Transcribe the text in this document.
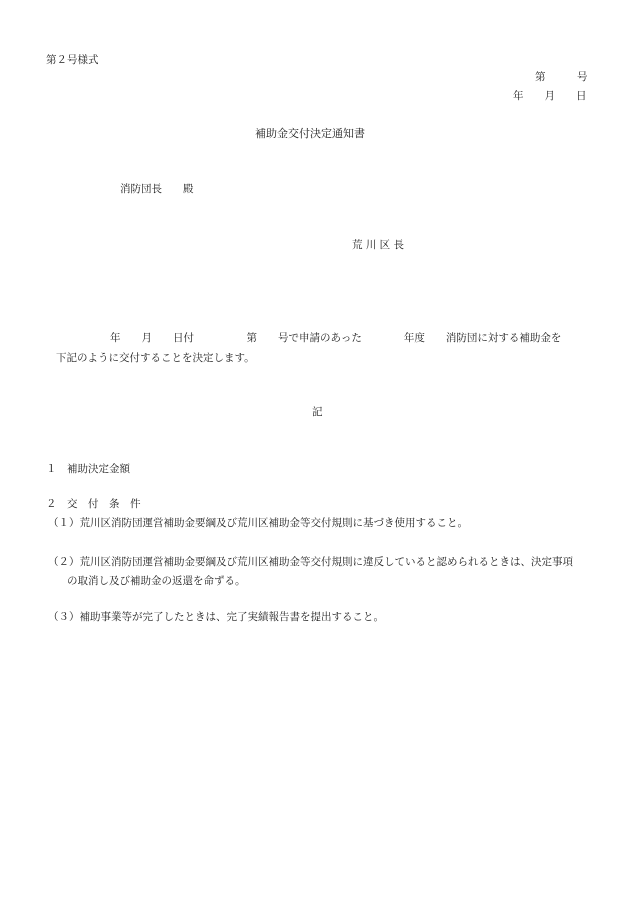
第２号様式
第　　　号
年　　月　　日
補助金交付決定通知書
消防団長　　殿
荒 川 区 長
年　　月　　日付　　　　　第　　号で申請のあった　　　　年度　　消防団に対する補助金を
下記のように交付することを決定します。
記
１　補助決定金額
２　交　付　条　件
（１）荒川区消防団運営補助金要綱及び荒川区補助金等交付規則に基づき使用すること。
（２）荒川区消防団運営補助金要綱及び荒川区補助金等交付規則に違反していると認められるときは、決定事項
の取消し及び補助金の返還を命ずる。
（３）補助事業等が完了したときは、完了実績報告書を提出すること。
